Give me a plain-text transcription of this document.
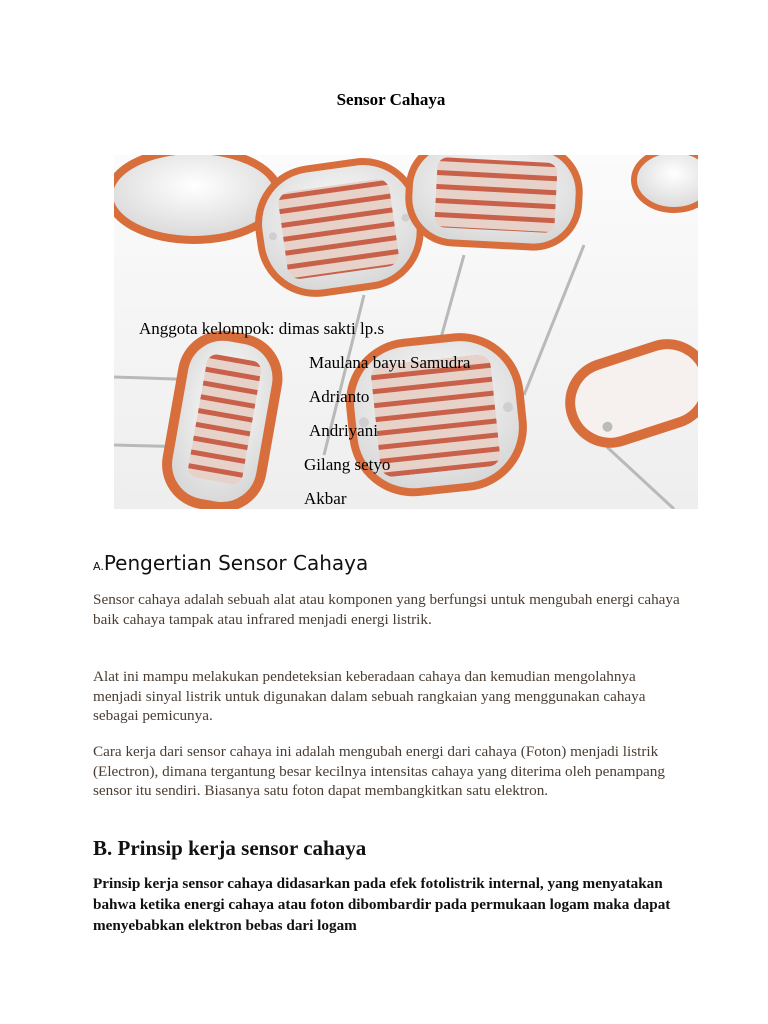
Sensor Cahaya
Anggota kelompok: dimas sakti lp.s
Maulana bayu Samudra
Adrianto
Andriyani
Gilang setyo
Akbar
A.Pengertian Sensor Cahaya

Sensor cahaya adalah sebuah alat atau komponen yang berfungsi untuk mengubah energi cahaya baik cahaya tampak atau infrared menjadi energi listrik.

Alat ini mampu melakukan pendeteksian keberadaan cahaya dan kemudian mengolahnya menjadi sinyal listrik untuk digunakan dalam sebuah rangkaian yang menggunakan cahaya sebagai pemicunya.

Cara kerja dari sensor cahaya ini adalah mengubah energi dari cahaya (Foton) menjadi listrik (Electron), dimana tergantung besar kecilnya intensitas cahaya yang diterima oleh penampang sensor itu sendiri. Biasanya satu foton dapat membangkitkan satu elektron.

B. Prinsip kerja sensor cahaya

Prinsip kerja sensor cahaya didasarkan pada efek fotolistrik internal, yang menyatakan bahwa ketika energi cahaya atau foton dibombardir pada permukaan logam maka dapat menyebabkan elektron bebas dari logam
